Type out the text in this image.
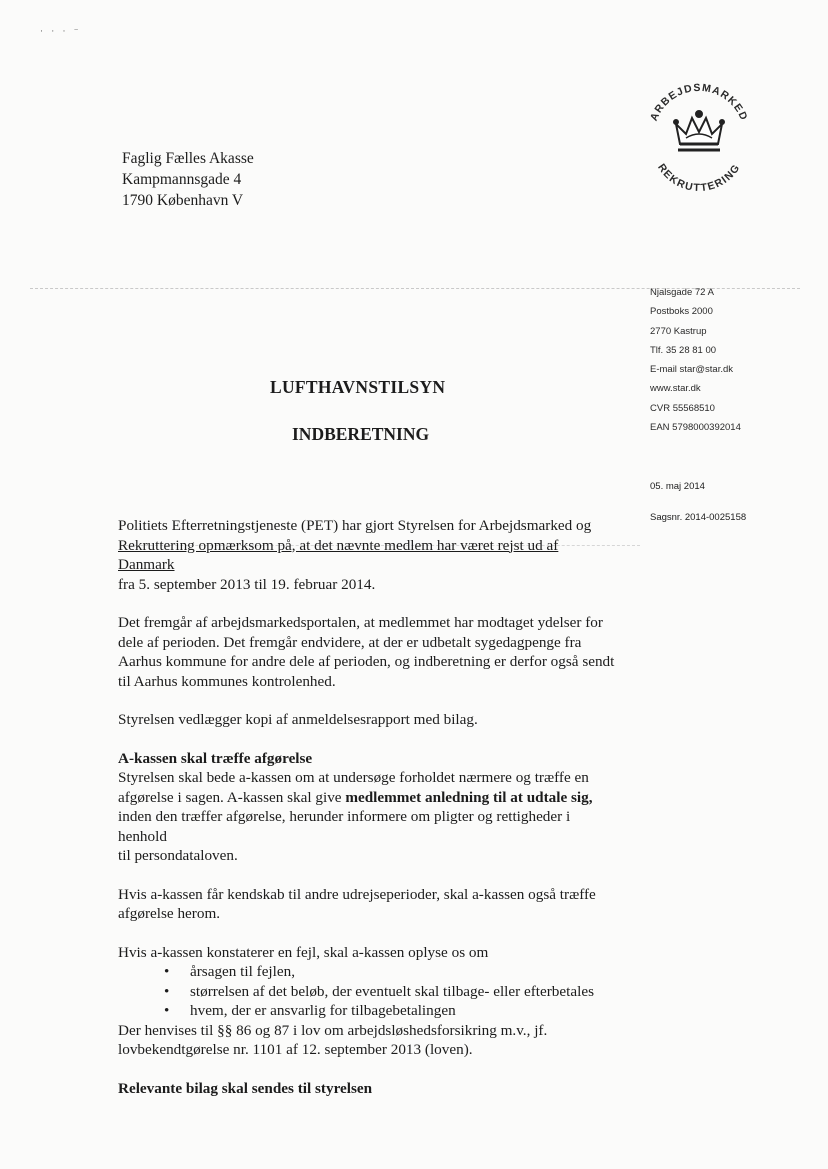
· · · ⁻
Faglig Fælles Akasse
Kampmannsgade 4
1790 København V
ARBEJDSMARKED
REKRUTTERING
Njalsgade 72 A
Postboks 2000
2770 Kastrup
Tlf. 35 28 81 00
E-mail star@star.dk
www.star.dk
CVR 55568510
EAN 5798000392014
05. maj 2014
Sagsnr. 2014-0025158
LUFTHAVNSTILSYN
INDBERETNING

Politiets Efterretningstjeneste (PET) har gjort Styrelsen for Arbejdsmarked og
Rekruttering opmærksom på, at det nævnte medlem har været rejst ud af Danmark
fra 5. september 2013 til 19. februar 2014.

Det fremgår af arbejdsmarkedsportalen, at medlemmet har modtaget ydelser for
dele af perioden. Det fremgår endvidere, at der er udbetalt sygedagpenge fra
Aarhus kommune for andre dele af perioden, og indberetning er derfor også sendt
til Aarhus kommunes kontrolenhed.

Styrelsen vedlægger kopi af anmeldelsesrapport med bilag.

A-kassen skal træffe afgørelse
Styrelsen skal bede a-kassen om at undersøge forholdet nærmere og træffe en
afgørelse i sagen. A-kassen skal give medlemmet anledning til at udtale sig,
inden den træffer afgørelse, herunder informere om pligter og rettigheder i henhold
til persondataloven.

Hvis a-kassen får kendskab til andre udrejseperioder, skal a-kassen også træffe
afgørelse herom.

Hvis a-kassen konstaterer en fejl, skal a-kassen oplyse os om
• årsagen til fejlen,
• størrelsen af det beløb, der eventuelt skal tilbage- eller efterbetales
• hvem, der er ansvarlig for tilbagebetalingen
Der henvises til §§ 86 og 87 i lov om arbejdsløshedsforsikring m.v., jf.
lovbekendtgørelse nr. 1101 af 12. september 2013 (loven).
Relevante bilag skal sendes til styrelsen
